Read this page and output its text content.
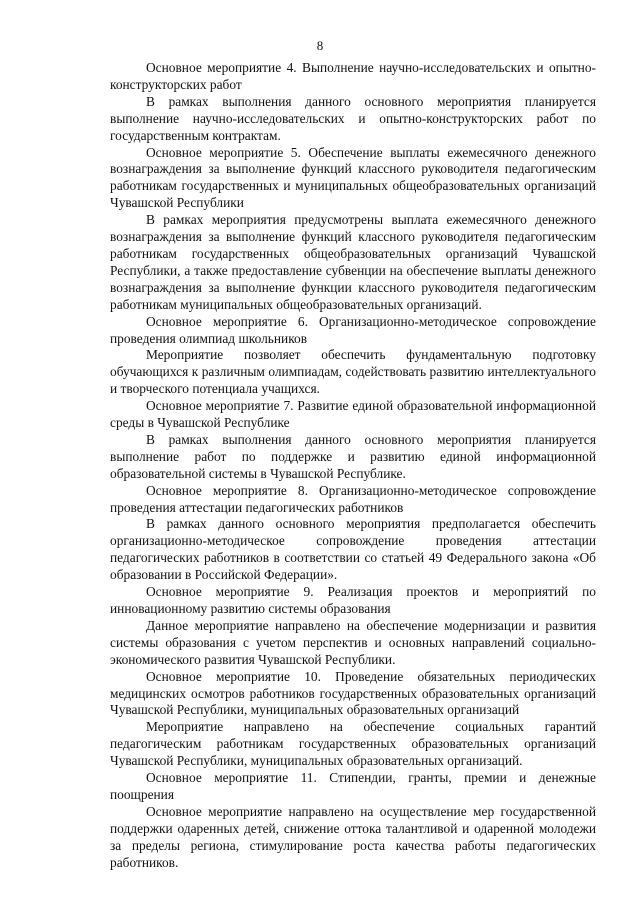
8

Основное мероприятие 4. Выполнение научно-исследовательских и опытно-конструкторских работ

В рамках выполнения данного основного мероприятия планируется выполнение научно-исследовательских и опытно-конструкторских работ по государственным контрактам.

Основное мероприятие 5. Обеспечение выплаты ежемесячного денежного вознаграждения за выполнение функций классного руководителя педагогическим работникам государственных и муниципальных общеобразовательных организаций Чувашской Республики

В рамках мероприятия предусмотрены выплата ежемесячного денежного вознаграждения за выполнение функций классного руководителя педагогическим работникам государственных общеобразовательных организаций Чувашской Республики, а также предоставление субвенции на обеспечение выплаты денежного вознаграждения за выполнение функции классного руководителя педагогическим работникам муниципальных общеобразовательных организаций.

Основное мероприятие 6. Организационно-методическое сопровождение проведения олимпиад школьников

Мероприятие позволяет обеспечить фундаментальную подготовку обучающихся к различным олимпиадам, содействовать развитию интеллектуального и творческого потенциала учащихся.

Основное мероприятие 7. Развитие единой образовательной информационной среды в Чувашской Республике

В рамках выполнения данного основного мероприятия планируется выполнение работ по поддержке и развитию единой информационной образовательной системы в Чувашской Республике.

Основное мероприятие 8. Организационно-методическое сопровождение проведения аттестации педагогических работников

В рамках данного основного мероприятия предполагается обеспечить организационно-методическое сопровождение проведения аттестации педагогических работников в соответствии со статьей 49 Федерального закона «Об образовании в Российской Федерации».

Основное мероприятие 9. Реализация проектов и мероприятий по инновационному развитию системы образования

Данное мероприятие направлено на обеспечение модернизации и развития системы образования с учетом перспектив и основных направлений социально-экономического развития Чувашской Республики.

Основное мероприятие 10. Проведение обязательных периодических медицинских осмотров работников государственных образовательных организаций Чувашской Республики, муниципальных образовательных организаций

Мероприятие направлено на обеспечение социальных гарантий педагогическим работникам государственных образовательных организаций Чувашской Республики, муниципальных образовательных организаций.

Основное мероприятие 11. Стипендии, гранты, премии и денежные поощрения

Основное мероприятие направлено на осуществление мер государственной поддержки одаренных детей, снижение оттока талантливой и одаренной молодежи за пределы региона, стимулирование роста качества работы педагогических работников.
